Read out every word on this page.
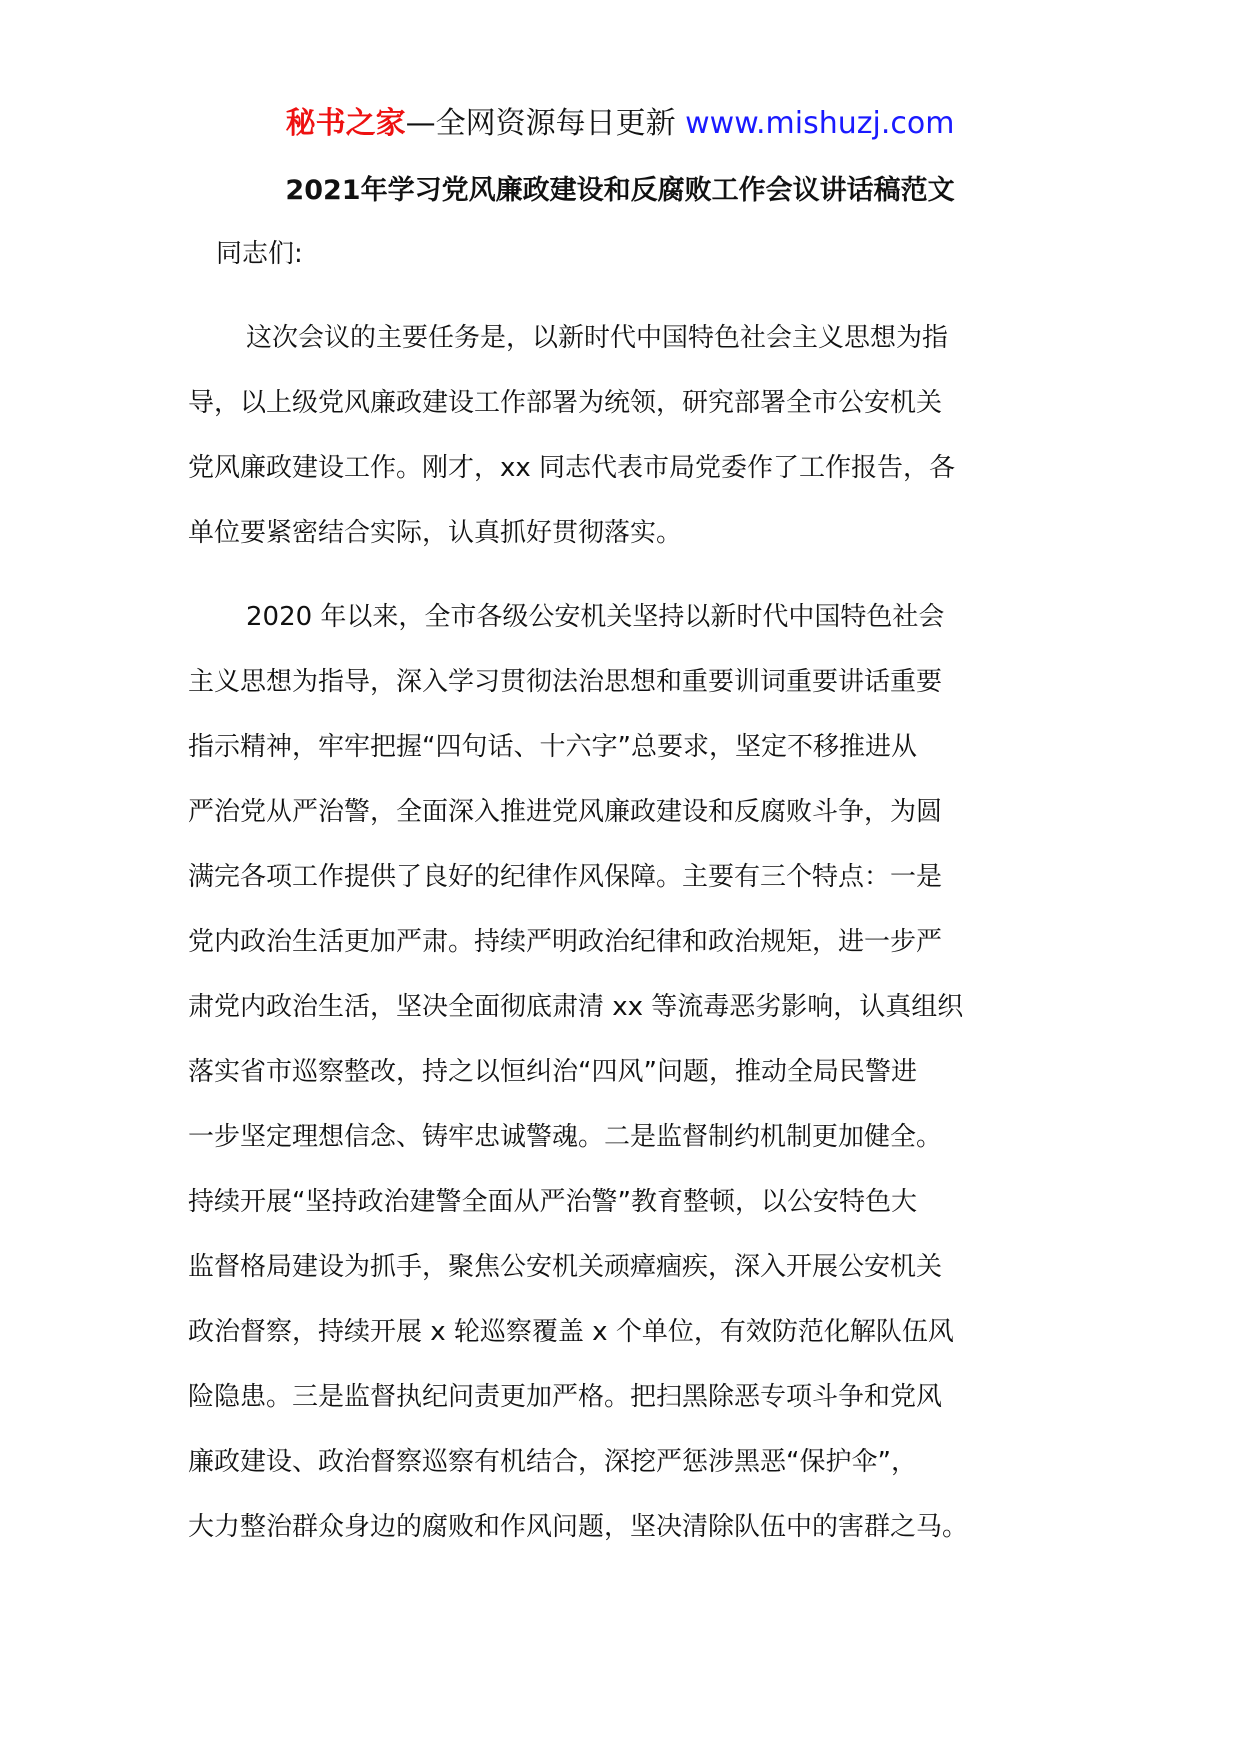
秘书之家—全网资源每日更新 www.mishuzj.com
2021年学习党风廉政建设和反腐败工作会议讲话稿范文
同志们:
这次会议的主要任务是，以新时代中国特色社会主义思想为指
导，以上级党风廉政建设工作部署为统领，研究部署全市公安机关
党风廉政建设工作。刚才，xx 同志代表市局党委作了工作报告，各
单位要紧密结合实际，认真抓好贯彻落实。
2020 年以来，全市各级公安机关坚持以新时代中国特色社会
主义思想为指导，深入学习贯彻法治思想和重要训词重要讲话重要
指示精神，牢牢把握“四句话、十六字”总要求，坚定不移推进从
严治党从严治警，全面深入推进党风廉政建设和反腐败斗争，为圆
满完各项工作提供了良好的纪律作风保障。主要有三个特点：一是
党内政治生活更加严肃。持续严明政治纪律和政治规矩，进一步严
肃党内政治生活，坚决全面彻底肃清 xx 等流毒恶劣影响，认真组织
落实省市巡察整改，持之以恒纠治“四风”问题，推动全局民警进
一步坚定理想信念、铸牢忠诚警魂。二是监督制约机制更加健全。
持续开展“坚持政治建警全面从严治警”教育整顿，以公安特色大
监督格局建设为抓手，聚焦公安机关顽瘴痼疾，深入开展公安机关
政治督察，持续开展 x 轮巡察覆盖 x 个单位，有效防范化解队伍风
险隐患。三是监督执纪问责更加严格。把扫黑除恶专项斗争和党风
廉政建设、政治督察巡察有机结合，深挖严惩涉黑恶“保护伞”，
大力整治群众身边的腐败和作风问题，坚决清除队伍中的害群之马。
